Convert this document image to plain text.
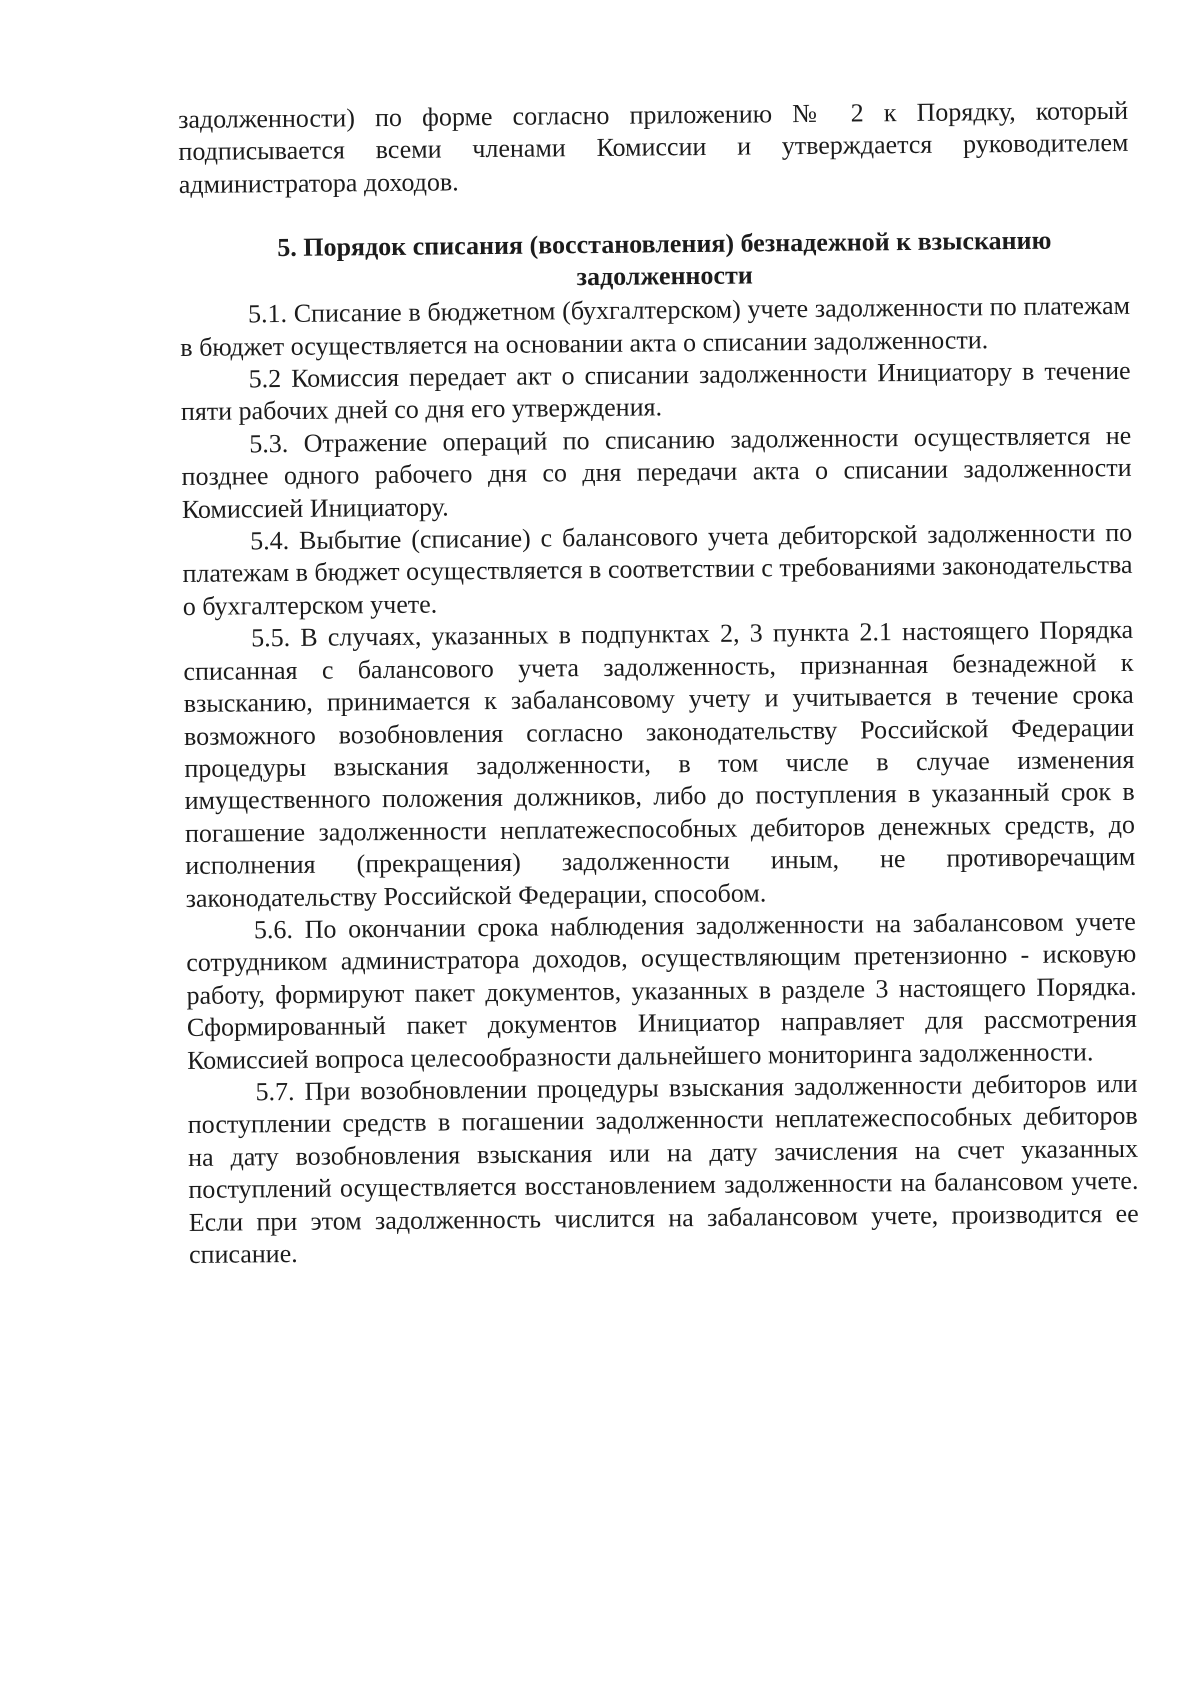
задолженности) по форме согласно приложению № 2 к Порядку, который подписывается всеми членами Комиссии и утверждается руководителем администратора доходов.

5. Порядок списания (восстановления) безнадежной к взысканию
задолженности

5.1. Списание в бюджетном (бухгалтерском) учете задолженности по платежам в бюджет осуществляется на основании акта о списании задолженности.

5.2 Комиссия передает акт о списании задолженности Инициатору в течение пяти рабочих дней со дня его утверждения.

5.3. Отражение операций по списанию задолженности осуществляется не позднее одного рабочего дня со дня передачи акта о списании задолженности Комиссией Инициатору.

5.4. Выбытие (списание) с балансового учета дебиторской задолженности по платежам в бюджет осуществляется в соответствии с требованиями законодательства о бухгалтерском учете.

5.5. В случаях, указанных в подпунктах 2, 3 пункта 2.1 настоящего Порядка списанная с балансового учета задолженность, признанная безнадежной к взысканию, принимается к забалансовому учету и учитывается в течение срока возможного возобновления согласно законодательству Российской Федерации процедуры взыскания задолженности, в том числе в случае изменения имущественного положения должников, либо до поступления в указанный срок в погашение задолженности неплатежеспособных дебиторов денежных средств, до исполнения (прекращения) задолженности иным, не противоречащим законодательству Российской Федерации, способом.

5.6. По окончании срока наблюдения задолженности на забалансовом учете сотрудником администратора доходов, осуществляющим претензионно - исковую работу, формируют пакет документов, указанных в разделе 3 настоящего Порядка. Сформированный пакет документов Инициатор направляет для рассмотрения Комиссией вопроса целесообразности дальнейшего мониторинга задолженности.

5.7. При возобновлении процедуры взыскания задолженности дебиторов или поступлении средств в погашении задолженности неплатежеспособных дебиторов на дату возобновления взыскания или на дату зачисления на счет указанных поступлений осуществляется восстановлением задолженности на балансовом учете. Если при этом задолженность числится на забалансовом учете, производится ее списание.
